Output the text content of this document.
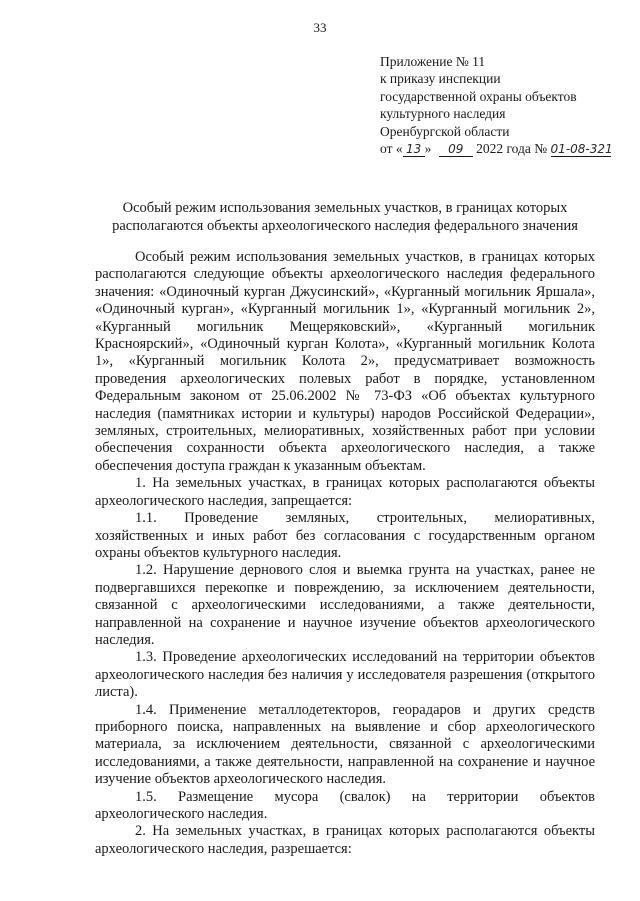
33
Приложение № 11
к приказу инспекции
государственной охраны объектов
культурного наследия
Оренбургской области
от « 13 » 09 2022 года № 01-08-321
Особый режим использования земельных участков, в границах которых располагаются объекты археологического наследия федерального значения

Особый режим использования земельных участков, в границах которых располагаются следующие объекты археологического наследия федерального значения: «Одиночный курган Джусинский», «Курганный могильник Яршала», «Одиночный курган», «Курганный могильник 1», «Курганный могильник 2», «Курганный могильник Мещеряковский», «Курганный могильник Красноярский», «Одиночный курган Колота», «Курганный могильник Колота 1», «Курганный могильник Колота 2», предусматривает возможность проведения археологических полевых работ в порядке, установленном Федеральным законом от 25.06.2002 № 73-ФЗ «Об объектах культурного наследия (памятниках истории и культуры) народов Российской Федерации», земляных, строительных, мелиоративных, хозяйственных работ при условии обеспечения сохранности объекта археологического наследия, а также обеспечения доступа граждан к указанным объектам.

1. На земельных участках, в границах которых располагаются объекты археологического наследия, запрещается:

1.1. Проведение земляных, строительных, мелиоративных, хозяйственных и иных работ без согласования с государственным органом охраны объектов культурного наследия.

1.2. Нарушение дернового слоя и выемка грунта на участках, ранее не подвергавшихся перекопке и повреждению, за исключением деятельности, связанной с археологическими исследованиями, а также деятельности, направленной на сохранение и научное изучение объектов археологического наследия.

1.3. Проведение археологических исследований на территории объектов археологического наследия без наличия у исследователя разрешения (открытого листа).

1.4. Применение металлодетекторов, георадаров и других средств приборного поиска, направленных на выявление и сбор археологического материала, за исключением деятельности, связанной с археологическими исследованиями, а также деятельности, направленной на сохранение и научное изучение объектов археологического наследия.

1.5. Размещение мусора (свалок) на территории объектов археологического наследия.

2. На земельных участках, в границах которых располагаются объекты археологического наследия, разрешается:
